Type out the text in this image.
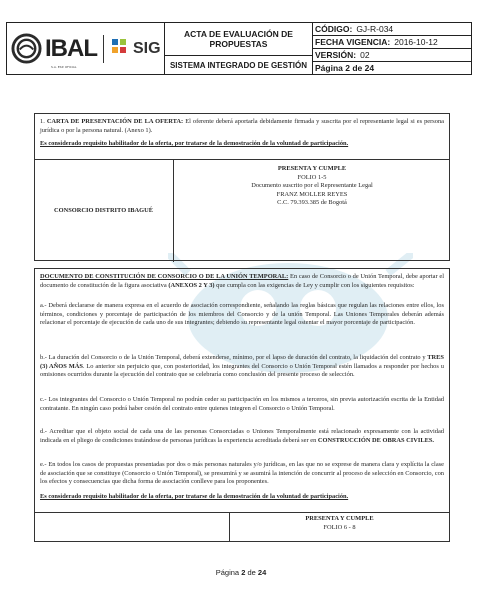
IBAL
S.A. ESP. OFICIAL
SIG
ACTA DE EVALUACIÓN DE PROPUESTAS
SISTEMA INTEGRADO DE GESTIÓN
CÓDIGO: GJ-R-034
FECHA VIGENCIA: 2016-10-12
VERSIÓN: 02
Página 2 de 24
1. CARTA DE PRESENTACIÓN DE LA OFERTA: El oferente deberá aportarla debidamente firmada y suscrita por el representante legal si es persona jurídica o por la persona natural. (Anexo 1).
Es considerado requisito habilitador de la oferta, por tratarse de la demostración de la voluntad de participación.
CONSORCIO DISTRITO IBAGUÉ
PRESENTA Y CUMPLE
FOLIO 1-5
Documento suscrito por el Representante Legal
FRANZ MOLLER REYES
C.C. 79.393.385 de Bogotá
DOCUMENTO DE CONSTITUCIÓN DE CONSORCIO O DE LA UNIÓN TEMPORAL: En caso de Consorcio o de Unión Temporal, debe aportar el documento de constitución de la figura asociativa (ANEXOS 2 Y 3) que cumpla con las exigencias de Ley y cumplir con los siguientes requisitos:
a.- Deberá declararse de manera expresa en el acuerdo de asociación correspondiente, señalando las reglas básicas que regulan las relaciones entre ellos, los términos, condiciones y porcentaje de participación de los miembros del Consorcio y de la unión Temporal. Las Uniones Temporales deberán además relacionar el porcentaje de ejecución de cada uno de sus integrantes; debiendo su representante legal ostentar el mayor porcentaje de participación.
b.- La duración del Consorcio o de la Unión Temporal, deberá extenderse, mínimo, por el lapso de duración del contrato, la liquidación del contrato y TRES (3) AÑOS MÁS. Lo anterior sin perjuicio que, con posterioridad, los integrantes del Consorcio o Unión Temporal estén llamados a responder por hechos u omisiones ocurridos durante la ejecución del contrato que se celebraría como conclusión del presente proceso de selección.
c.- Los integrantes del Consorcio o Unión Temporal no podrán ceder su participación en los mismos a terceros, sin previa autorización escrita de la Entidad contratante. En ningún caso podrá haber cesión del contrato entre quienes integren el Consorcio o Unión Temporal.
d.- Acreditar que el objeto social de cada una de las personas Consorciadas o Uniones Temporalmente está relacionado expresamente con la actividad indicada en el pliego de condiciones tratándose de personas jurídicas la experiencia acreditada deberá ser en CONSTRUCCIÓN DE OBRAS CIVILES.
e.- En todos los casos de propuestas presentadas por dos o más personas naturales y/o jurídicas, en las que no se exprese de manera clara y explícita la clase de asociación que se constituye (Consorcio o Unión Temporal), se presumirá y se asumirá la intención de concurrir al proceso de selección en Consorcio, con los efectos y consecuencias que dicha forma de asociación conlleve para los proponentes.
Es considerado requisito habilitador de la oferta, por tratarse de la demostración de la voluntad de participación.
PRESENTA Y CUMPLE
FOLIO 6 - 8
Página 2 de 24
